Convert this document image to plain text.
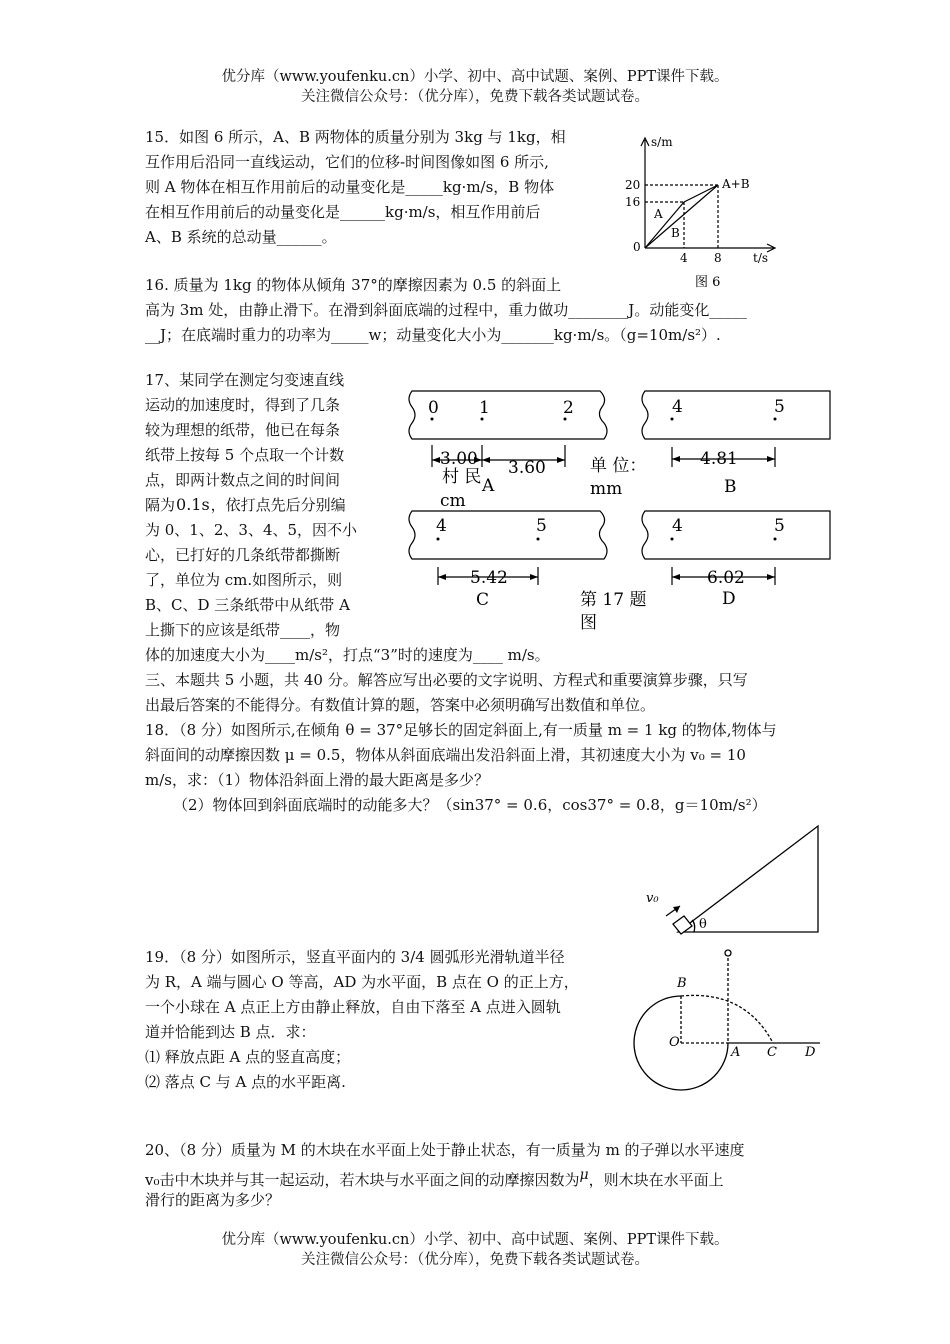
优分库（www.youfenku.cn）小学、初中、高中试题、案例、PPT课件下载。
关注微信公众号：（优分库），免费下载各类试题试卷。
15．如图 6 所示，A、B 两物体的质量分别为 3kg 与 1kg，相
互作用后沿同一直线运动，它们的位移-时间图像如图 6 所示,
则 A 物体在相互作用前后的动量变化是_____kg·m/s，B 物体
在相互作用前后的动量变化是______kg·m/s，相互作用前后
A、B 系统的总动量______。
s/m
t/s
20
16
0
4 8
A
B
A+B
图 6
16. 质量为 1kg 的物体从倾角 37°的摩擦因素为 0.5 的斜面上
高为 3m 处，由静止滑下。在滑到斜面底端的过程中，重力做功________J。动能变化_____
__J；在底端时重力的功率为_____w；动量变化大小为_______kg·m/s。（g=10m/s²）.
17、某同学在测定匀变速直线
运动的加速度时，得到了几条
较为理想的纸带，他已在每条
纸带上按每 5 个点取一个计数
点，即两计数点之间的时间间
隔为0.1s，依打点先后分别编
为 0、1、2、3、4、5，因不小
心，已打好的几条纸带都撕断
了，单位为 cm.如图所示，则
B、C、D 三条纸带中从纸带 A
上撕下的应该是纸带____，物
体的加速度大小为____m/s²，打点“3”时的速度为____ m/s。
0 1	2	4	5
4	5	4	5
3.00 3.60
村 民 A
cm
单 位：
mm
4.81
B
5.42
C
6.02
D
第 17 题
图
三、本题共 5 小题，共 40 分。解答应写出必要的文字说明、方程式和重要演算步骤，只写
出最后答案的不能得分。有数值计算的题，答案中必须明确写出数值和单位。
18．（8 分）如图所示,在倾角 θ = 37°足够长的固定斜面上,有一质量 m = 1 kg 的物体,物体与
斜面间的动摩擦因数 μ = 0.5，物体从斜面底端出发沿斜面上滑，其初速度大小为 v₀ = 10
m/s，求：（1）物体沿斜面上滑的最大距离是多少？
（2）物体回到斜面底端时的动能多大？（sin37° = 0.6，cos37° = 0.8，g＝10m/s²）
v₀
θ
19．（8 分）如图所示，竖直平面内的 3/4 圆弧形光滑轨道半径
为 R，A 端与圆心 O 等高，AD 为水平面，B 点在 O 的正上方，
一个小球在 A 点正上方由静止释放，自由下落至 A 点进入圆轨
道并恰能到达 B 点．求：
⑴ 释放点距 A 点的竖直高度；
⑵ 落点 C 与 A 点的水平距离.
B
O
A C D
20、（8 分）质量为 M 的木块在水平面上处于静止状态，有一质量为 m 的子弹以水平速度
v₀击中木块并与其一起运动，若木块与水平面之间的动摩擦因数为$^\mu$，则木块在水平面上
滑行的距离为多少？
优分库（www.youfenku.cn）小学、初中、高中试题、案例、PPT课件下载。
关注微信公众号：（优分库），免费下载各类试题试卷。
